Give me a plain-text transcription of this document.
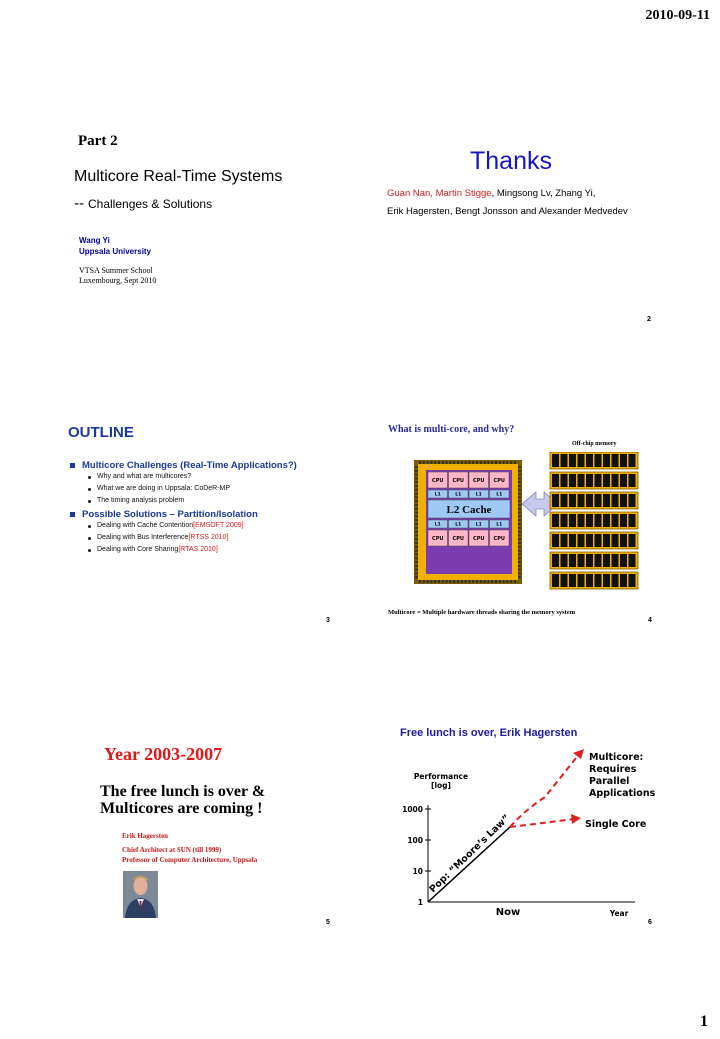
2010-09-11
1
Part 2
Multicore Real-Time Systems
-- Challenges & Solutions
Wang Yi
Uppsala University
VTSA Summer School
Luxembourg, Sept 2010
Thanks
Guan Nan, Martin Stigge, Mingsong Lv, Zhang Yi,
Erik Hagersten, Bengt Jonsson and Alexander Medvedev
2
OUTLINE
Multicore Challenges (Real-Time Applications?)
Why and what are multicores?
What we are doing in Uppsala: CoDeR-MP
The timing analysis problem
Possible Solutions – Partition/Isolation
Dealing with Cache Contention [EMSOFT 2009]
Dealing with Bus Interference [RTSS 2010]
Dealing with Core Sharing [RTAS 2010]
3
What is multi-core, and why?
Off-chip memory
CPU CPU CPU CPU
L1	L1	L1	L1
L2 Cache
L1	L1	L1	L1
CPU CPU CPU CPU
Multicore = Multiple hardware threads sharing the memory system
4
Year 2003-2007
The free lunch is over &
Multicores are coming !
Erik Hagersten
Chief Architect at SUN (till 1999)
Professor of Computer Architecture, Uppsala
5
Free lunch is over, Erik Hagersten
Performance
[log]
1000
100
10
1
Now	Year
Pop: “Moore’s Law”
Multicore:
Requires
Parallel
Applications
Single Core
6
